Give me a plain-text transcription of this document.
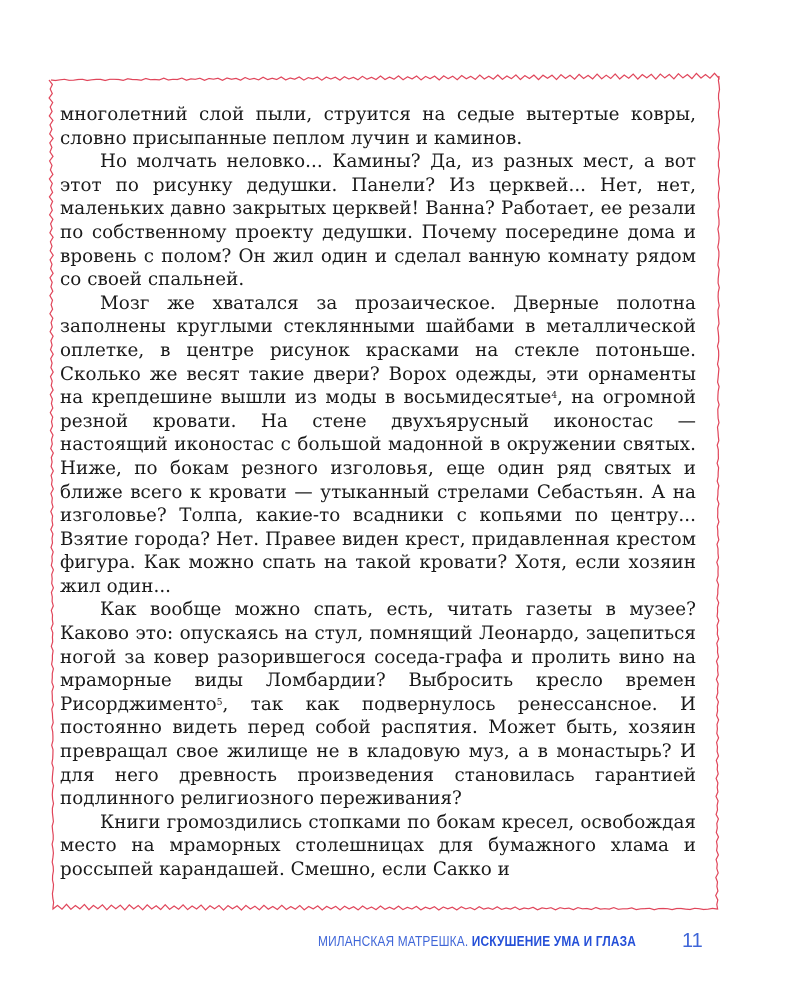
многолетний слой пыли, струится на седые вытертые ковры, словно присыпанные пеплом лучин и каминов.

Но молчать неловко... Камины? Да, из разных мест, а вот этот по рисунку дедушки. Панели? Из церквей... Нет, нет, маленьких давно закрытых церквей! Ванна? Работает, ее резали по собственному проекту дедушки. Почему посередине дома и вровень с полом? Он жил один и сделал ванную комнату рядом со своей спальней.

Мозг же хватался за прозаическое. Дверные полотна заполнены круглыми стеклянными шайбами в металлической оплетке, в центре рисунок красками на стекле потоньше. Сколько же весят такие двери? Ворох одежды, эти орнаменты на крепдешине вышли из моды в восьмидесятые$^4$, на огромной резной кровати. На стене двухъярусный иконостас — настоящий иконостас с большой мадонной в окружении святых. Ниже, по бокам резного изголовья, еще один ряд святых и ближе всего к кровати — утыканный стрелами Себастьян. А на изголовье? Толпа, какие-то всадники с копьями по центру... Взятие города? Нет. Правее виден крест, придавленная крестом фигура. Как можно спать на такой кровати? Хотя, если хозяин жил один...

Как вообще можно спать, есть, читать газеты в музее? Каково это: опускаясь на стул, помнящий Леонардо, зацепиться ногой за ковер разорившегося соседа-графа и пролить вино на мраморные виды Ломбардии? Выбросить кресло времен Рисорджименто$^5$, так как подвернулось ренессансное. И постоянно видеть перед собой распятия. Может быть, хозяин превращал свое жилище не в кладовую муз, а в монастырь? И для него древность произведения становилась гарантией подлинного религиозного переживания?

Книги громоздились стопками по бокам кресел, освобождая место на мраморных столешницах для бумажного хлама и россыпей карандашей. Смешно, если Сакко и

МИЛАНСКАЯ МАТРЕШКА. ИСКУШЕНИЕ УМА И ГЛАЗА 11
